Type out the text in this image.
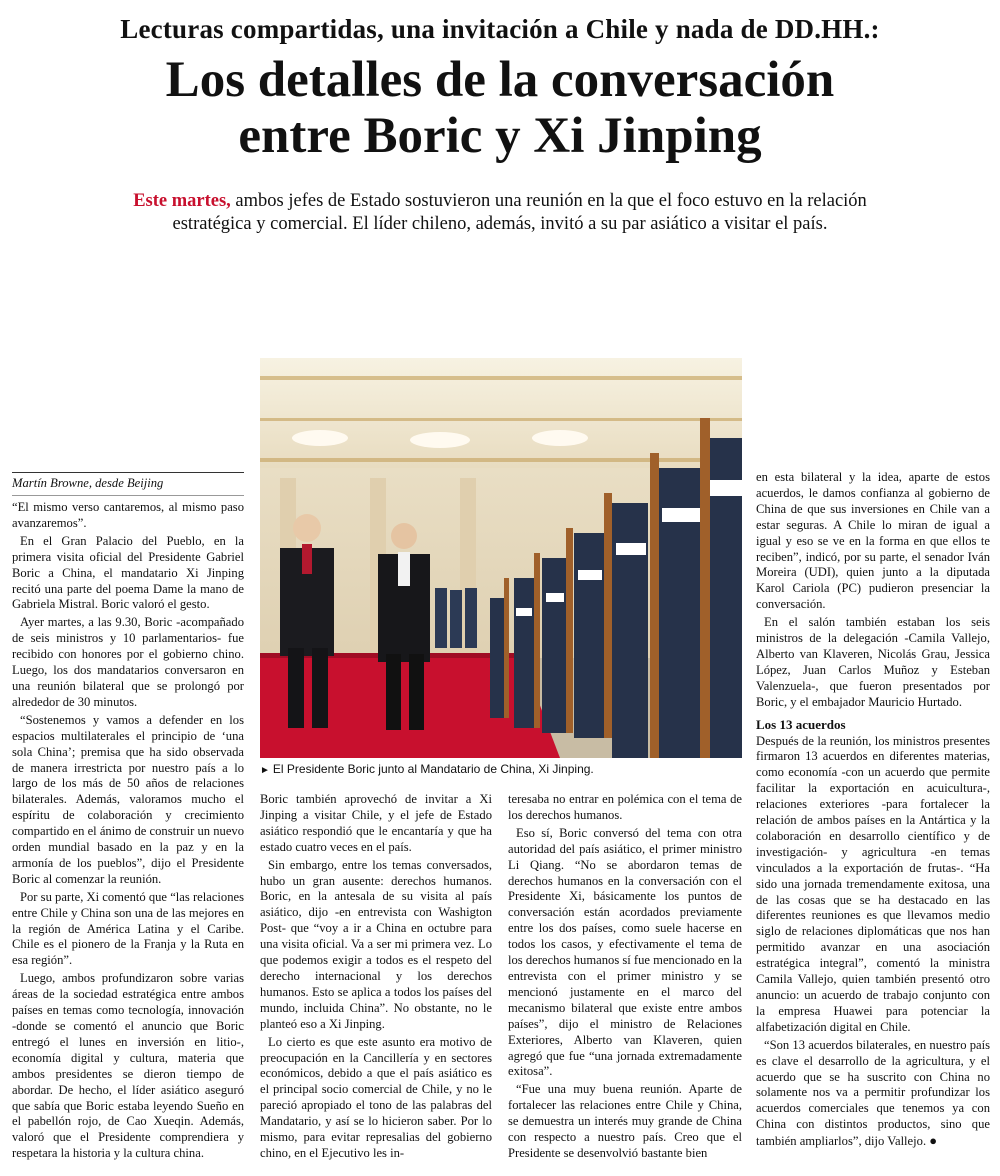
Lecturas compartidas, una invitación a Chile y nada de DD.HH.:
Los detalles de la conversación
entre Boric y Xi Jinping
Este martes, ambos jefes de Estado sostuvieron una reunión en la que el foco estuvo en la relación estratégica y comercial. El líder chileno, además, invitó a su par asiático a visitar el país.
Martín Browne, desde Beijing

“El mismo verso cantaremos, al mismo paso avanzaremos”.

En el Gran Palacio del Pueblo, en la primera visita oficial del Presidente Gabriel Boric a China, el mandatario Xi Jinping recitó una parte del poema Dame la mano de Gabriela Mistral. Boric valoró el gesto.

Ayer martes, a las 9.30, Boric -acompañado de seis ministros y 10 parlamentarios- fue recibido con honores por el gobierno chino. Luego, los dos mandatarios conversaron en una reunión bilateral que se prolongó por alrededor de 30 minutos.

“Sostenemos y vamos a defender en los espacios multilaterales el principio de ‘una sola China’; premisa que ha sido observada de manera irrestricta por nuestro país a lo largo de los más de 50 años de relaciones bilaterales. Además, valoramos mucho el espíritu de colaboración y crecimiento compartido en el ánimo de construir un nuevo orden mundial basado en la paz y en la armonía de los pueblos”, dijo el Presidente Boric al comenzar la reunión.

Por su parte, Xi comentó que “las relaciones entre Chile y China son una de las mejores en la región de América Latina y el Caribe. Chile es el pionero de la Franja y la Ruta en esa región”.

Luego, ambos profundizaron sobre varias áreas de la sociedad estratégica entre ambos países en temas como tecnología, innovación -donde se comentó el anuncio que Boric entregó el lunes en inversión en litio-, economía digital y cultura, materia que ambos presidentes se dieron tiempo de abordar. De hecho, el líder asiático aseguró que sabía que Boric estaba leyendo Sueño en el pabellón rojo, de Cao Xueqin. Además, valoró que el Presidente comprendiera y respetara la historia y la cultura china.

► El Presidente Boric junto al Mandatario de China, Xi Jinping.

Boric también aprovechó de invitar a Xi Jinping a visitar Chile, y el jefe de Estado asiático respondió que le encantaría y que ha estado cuatro veces en el país.

Sin embargo, entre los temas conversados, hubo un gran ausente: derechos humanos. Boric, en la antesala de su visita al país asiático, dijo -en entrevista con Washigton Post- que “voy a ir a China en octubre para una visita oficial. Va a ser mi primera vez. Lo que podemos exigir a todos es el respeto del derecho internacional y los derechos humanos. Esto se aplica a todos los países del mundo, incluida China”. No obstante, no le planteó eso a Xi Jinping.

Lo cierto es que este asunto era motivo de preocupación en la Cancillería y en sectores económicos, debido a que el país asiático es el principal socio comercial de Chile, y no le pareció apropiado el tono de las palabras del Mandatario, y así se lo hicieron saber. Por lo mismo, para evitar represalias del gobierno chino, en el Ejecutivo les in-

teresaba no entrar en polémica con el tema de los derechos humanos.

Eso sí, Boric conversó del tema con otra autoridad del país asiático, el primer ministro Li Qiang. “No se abordaron temas de derechos humanos en la conversación con el Presidente Xi, básicamente los puntos de conversación están acordados previamente entre los dos países, como suele hacerse en todos los casos, y efectivamente el tema de los derechos humanos sí fue mencionado en la entrevista con el primer ministro y se mencionó justamente en el marco del mecanismo bilateral que existe entre ambos países”, dijo el ministro de Relaciones Exteriores, Alberto van Klaveren, quien agregó que fue “una jornada extremadamente exitosa”.

“Fue una muy buena reunión. Aparte de fortalecer las relaciones entre Chile y China, se demuestra un interés muy grande de China con respecto a nuestro país. Creo que el Presidente se desenvolvió bastante bien

en esta bilateral y la idea, aparte de estos acuerdos, le damos confianza al gobierno de China de que sus inversiones en Chile van a estar seguras. A Chile lo miran de igual a igual y eso se ve en la forma en que ellos te reciben”, indicó, por su parte, el senador Iván Moreira (UDI), quien junto a la diputada Karol Cariola (PC) pudieron presenciar la conversación.

En el salón también estaban los seis ministros de la delegación -Camila Vallejo, Alberto van Klaveren, Nicolás Grau, Jessica López, Juan Carlos Muñoz y Esteban Valenzuela-, que fueron presentados por Boric, y el embajador Mauricio Hurtado.

Los 13 acuerdos

Después de la reunión, los ministros presentes firmaron 13 acuerdos en diferentes materias, como economía -con un acuerdo que permite facilitar la exportación en acuicultura-, relaciones exteriores -para fortalecer la relación de ambos países en la Antártica y la colaboración en desarrollo científico y de investigación- y agricultura -en temas vinculados a la exportación de frutas-. “Ha sido una jornada tremendamente exitosa, una de las cosas que se ha destacado en las diferentes reuniones es que llevamos medio siglo de relaciones diplomáticas que nos han permitido avanzar en una asociación estratégica integral”, comentó la ministra Camila Vallejo, quien también presentó otro anuncio: un acuerdo de trabajo conjunto con la empresa Huawei para potenciar la alfabetización digital en Chile.

“Son 13 acuerdos bilaterales, en nuestro país es clave el desarrollo de la agricultura, y el acuerdo que se ha suscrito con China no solamente nos va a permitir profundizar los acuerdos comerciales que tenemos ya con China con distintos productos, sino que también ampliarlos”, dijo Vallejo. ●
